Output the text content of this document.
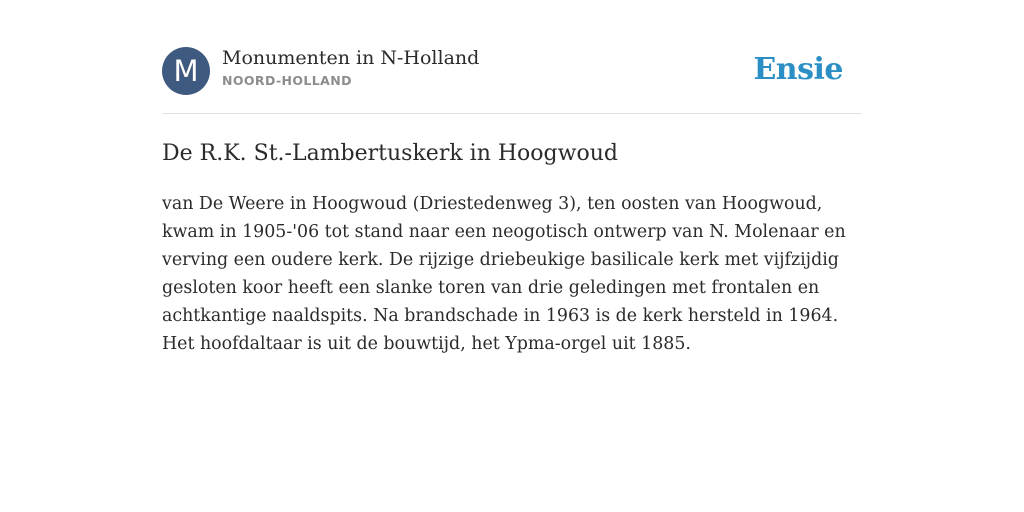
M	Monumenten in N-Holland
NOORD-HOLLAND	Ensie
De R.K. St.-Lambertuskerk in Hoogwoud

van De Weere in Hoogwoud (Driestedenweg 3), ten oosten van Hoogwoud, kwam in 1905-'06 tot stand naar een neogotisch ontwerp van N. Molenaar en verving een oudere kerk. De rijzige driebeukige basilicale kerk met vijfzijdig gesloten koor heeft een slanke toren van drie geledingen met frontalen en achtkantige naaldspits. Na brandschade in 1963 is de kerk hersteld in 1964. Het hoofdaltaar is uit de bouwtijd, het Ypma-orgel uit 1885.
